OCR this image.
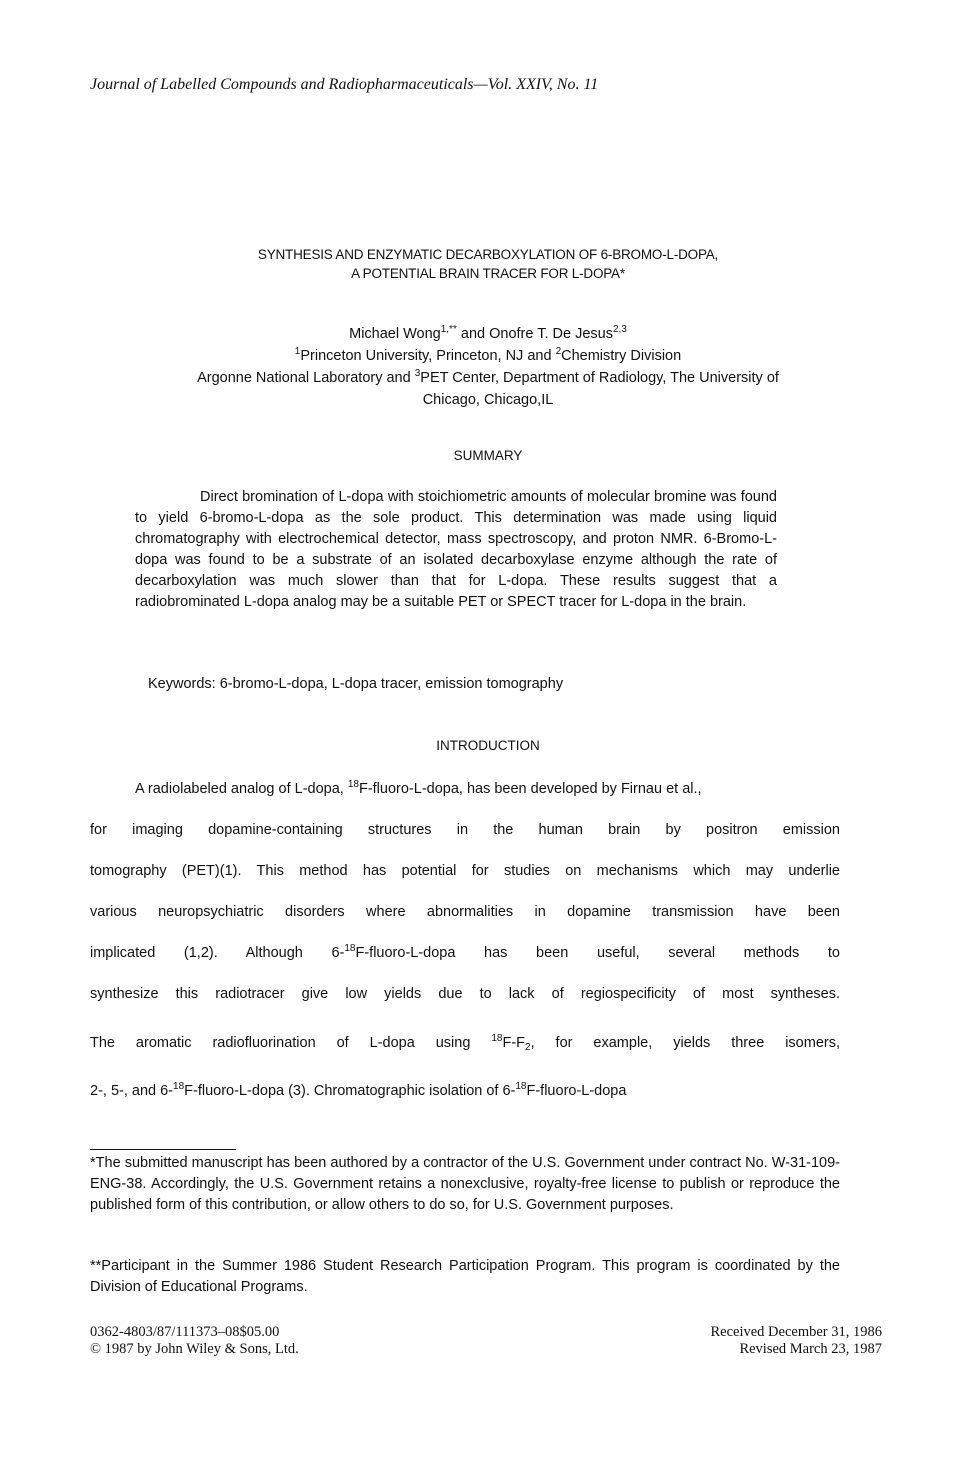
Journal of Labelled Compounds and Radiopharmaceuticals—Vol. XXIV, No. 11
SYNTHESIS AND ENZYMATIC DECARBOXYLATION OF 6-BROMO-L-DOPA,
A POTENTIAL BRAIN TRACER FOR L-DOPA*
Michael Wong$^{1,**}$ and Onofre T. De Jesus$^{2,3}$
$^1$Princeton University, Princeton, NJ and $^2$Chemistry Division
Argonne National Laboratory and $^3$PET Center, Department of Radiology, The University of
Chicago, Chicago,IL
SUMMARY
Direct bromination of L-dopa with stoichiometric amounts of molecular bromine was found to yield 6-bromo-L-dopa as the sole product. This determination was made using liquid chromatography with electrochemical detector, mass spectroscopy, and proton NMR. 6-Bromo-L-dopa was found to be a substrate of an isolated decarboxylase enzyme although the rate of decarboxylation was much slower than that for L-dopa. These results suggest that a radiobrominated L-dopa analog may be a suitable PET or SPECT tracer for L-dopa in the brain.
Keywords: 6-bromo-L-dopa, L-dopa tracer, emission tomography
INTRODUCTION
A radiolabeled analog of L-dopa, $^{18}$F-fluoro-L-dopa, has been developed by Firnau et al.,
for imaging dopamine-containing structures in the human brain by positron emission
tomography (PET)(1). This method has potential for studies on mechanisms which may underlie
various neuropsychiatric disorders where abnormalities in dopamine transmission have been
implicated (1,2). Although 6-$^{18}$F-fluoro-L-dopa has been useful, several methods to
synthesize this radiotracer give low yields due to lack of regiospecificity of most syntheses.
The aromatic radiofluorination of L-dopa using $^{18}F-F_2$, for example, yields three isomers,
2-, 5-, and 6-$^{18}$F-fluoro-L-dopa (3). Chromatographic isolation of 6-$^{18}$F-fluoro-L-dopa
*The submitted manuscript has been authored by a contractor of the U.S. Government under contract No. W-31-109-ENG-38. Accordingly, the U.S. Government retains a nonexclusive, royalty-free license to publish or reproduce the published form of this contribution, or allow others to do so, for U.S. Government purposes.
**Participant in the Summer 1986 Student Research Participation Program. This program is coordinated by the Division of Educational Programs.
0362-4803/87/111373–08$05.00
© 1987 by John Wiley & Sons, Ltd.
Received December 31, 1986
Revised March 23, 1987
